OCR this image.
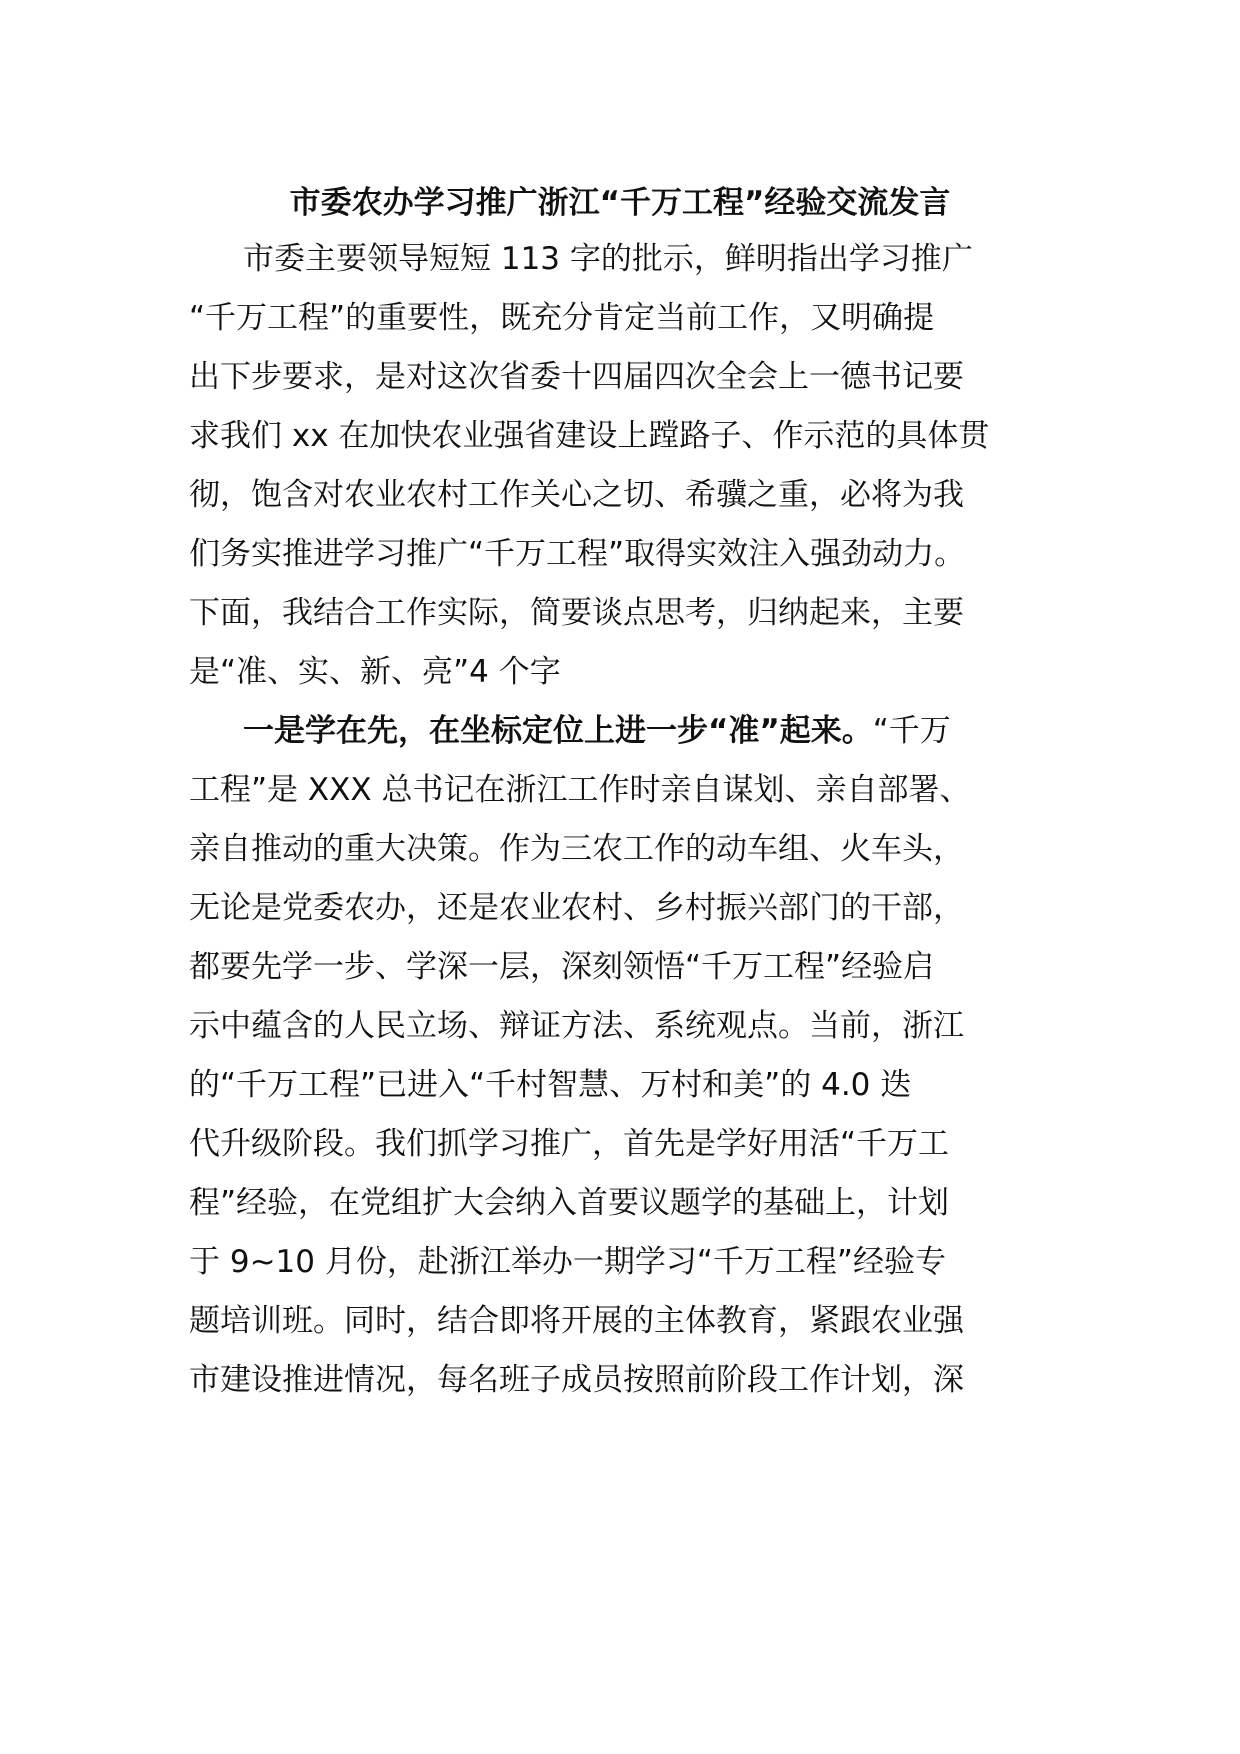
市委农办学习推广浙江“千万工程”经验交流发言

市委主要领导短短 113 字的批示，鲜明指出学习推广

“千万工程”的重要性，既充分肯定当前工作，又明确提

出下步要求，是对这次省委十四届四次全会上一德书记要

求我们 xx 在加快农业强省建设上蹚路子、作示范的具体贯

彻，饱含对农业农村工作关心之切、希骥之重，必将为我

们务实推进学习推广“千万工程”取得实效注入强劲动力。

下面，我结合工作实际，简要谈点思考，归纳起来，主要

是“准、实、新、亮”4 个字

一是学在先，在坐标定位上进一步“准”起来。“千万

工程”是 XXX 总书记在浙江工作时亲自谋划、亲自部署、

亲自推动的重大决策。作为三农工作的动车组、火车头，

无论是党委农办，还是农业农村、乡村振兴部门的干部，

都要先学一步、学深一层，深刻领悟“千万工程”经验启

示中蕴含的人民立场、辩证方法、系统观点。当前，浙江

的“千万工程”已进入“千村智慧、万村和美”的 4.0 迭

代升级阶段。我们抓学习推广，首先是学好用活“千万工

程”经验，在党组扩大会纳入首要议题学的基础上，计划

于 9~10 月份，赴浙江举办一期学习“千万工程”经验专

题培训班。同时，结合即将开展的主体教育，紧跟农业强

市建设推进情况，每名班子成员按照前阶段工作计划，深
